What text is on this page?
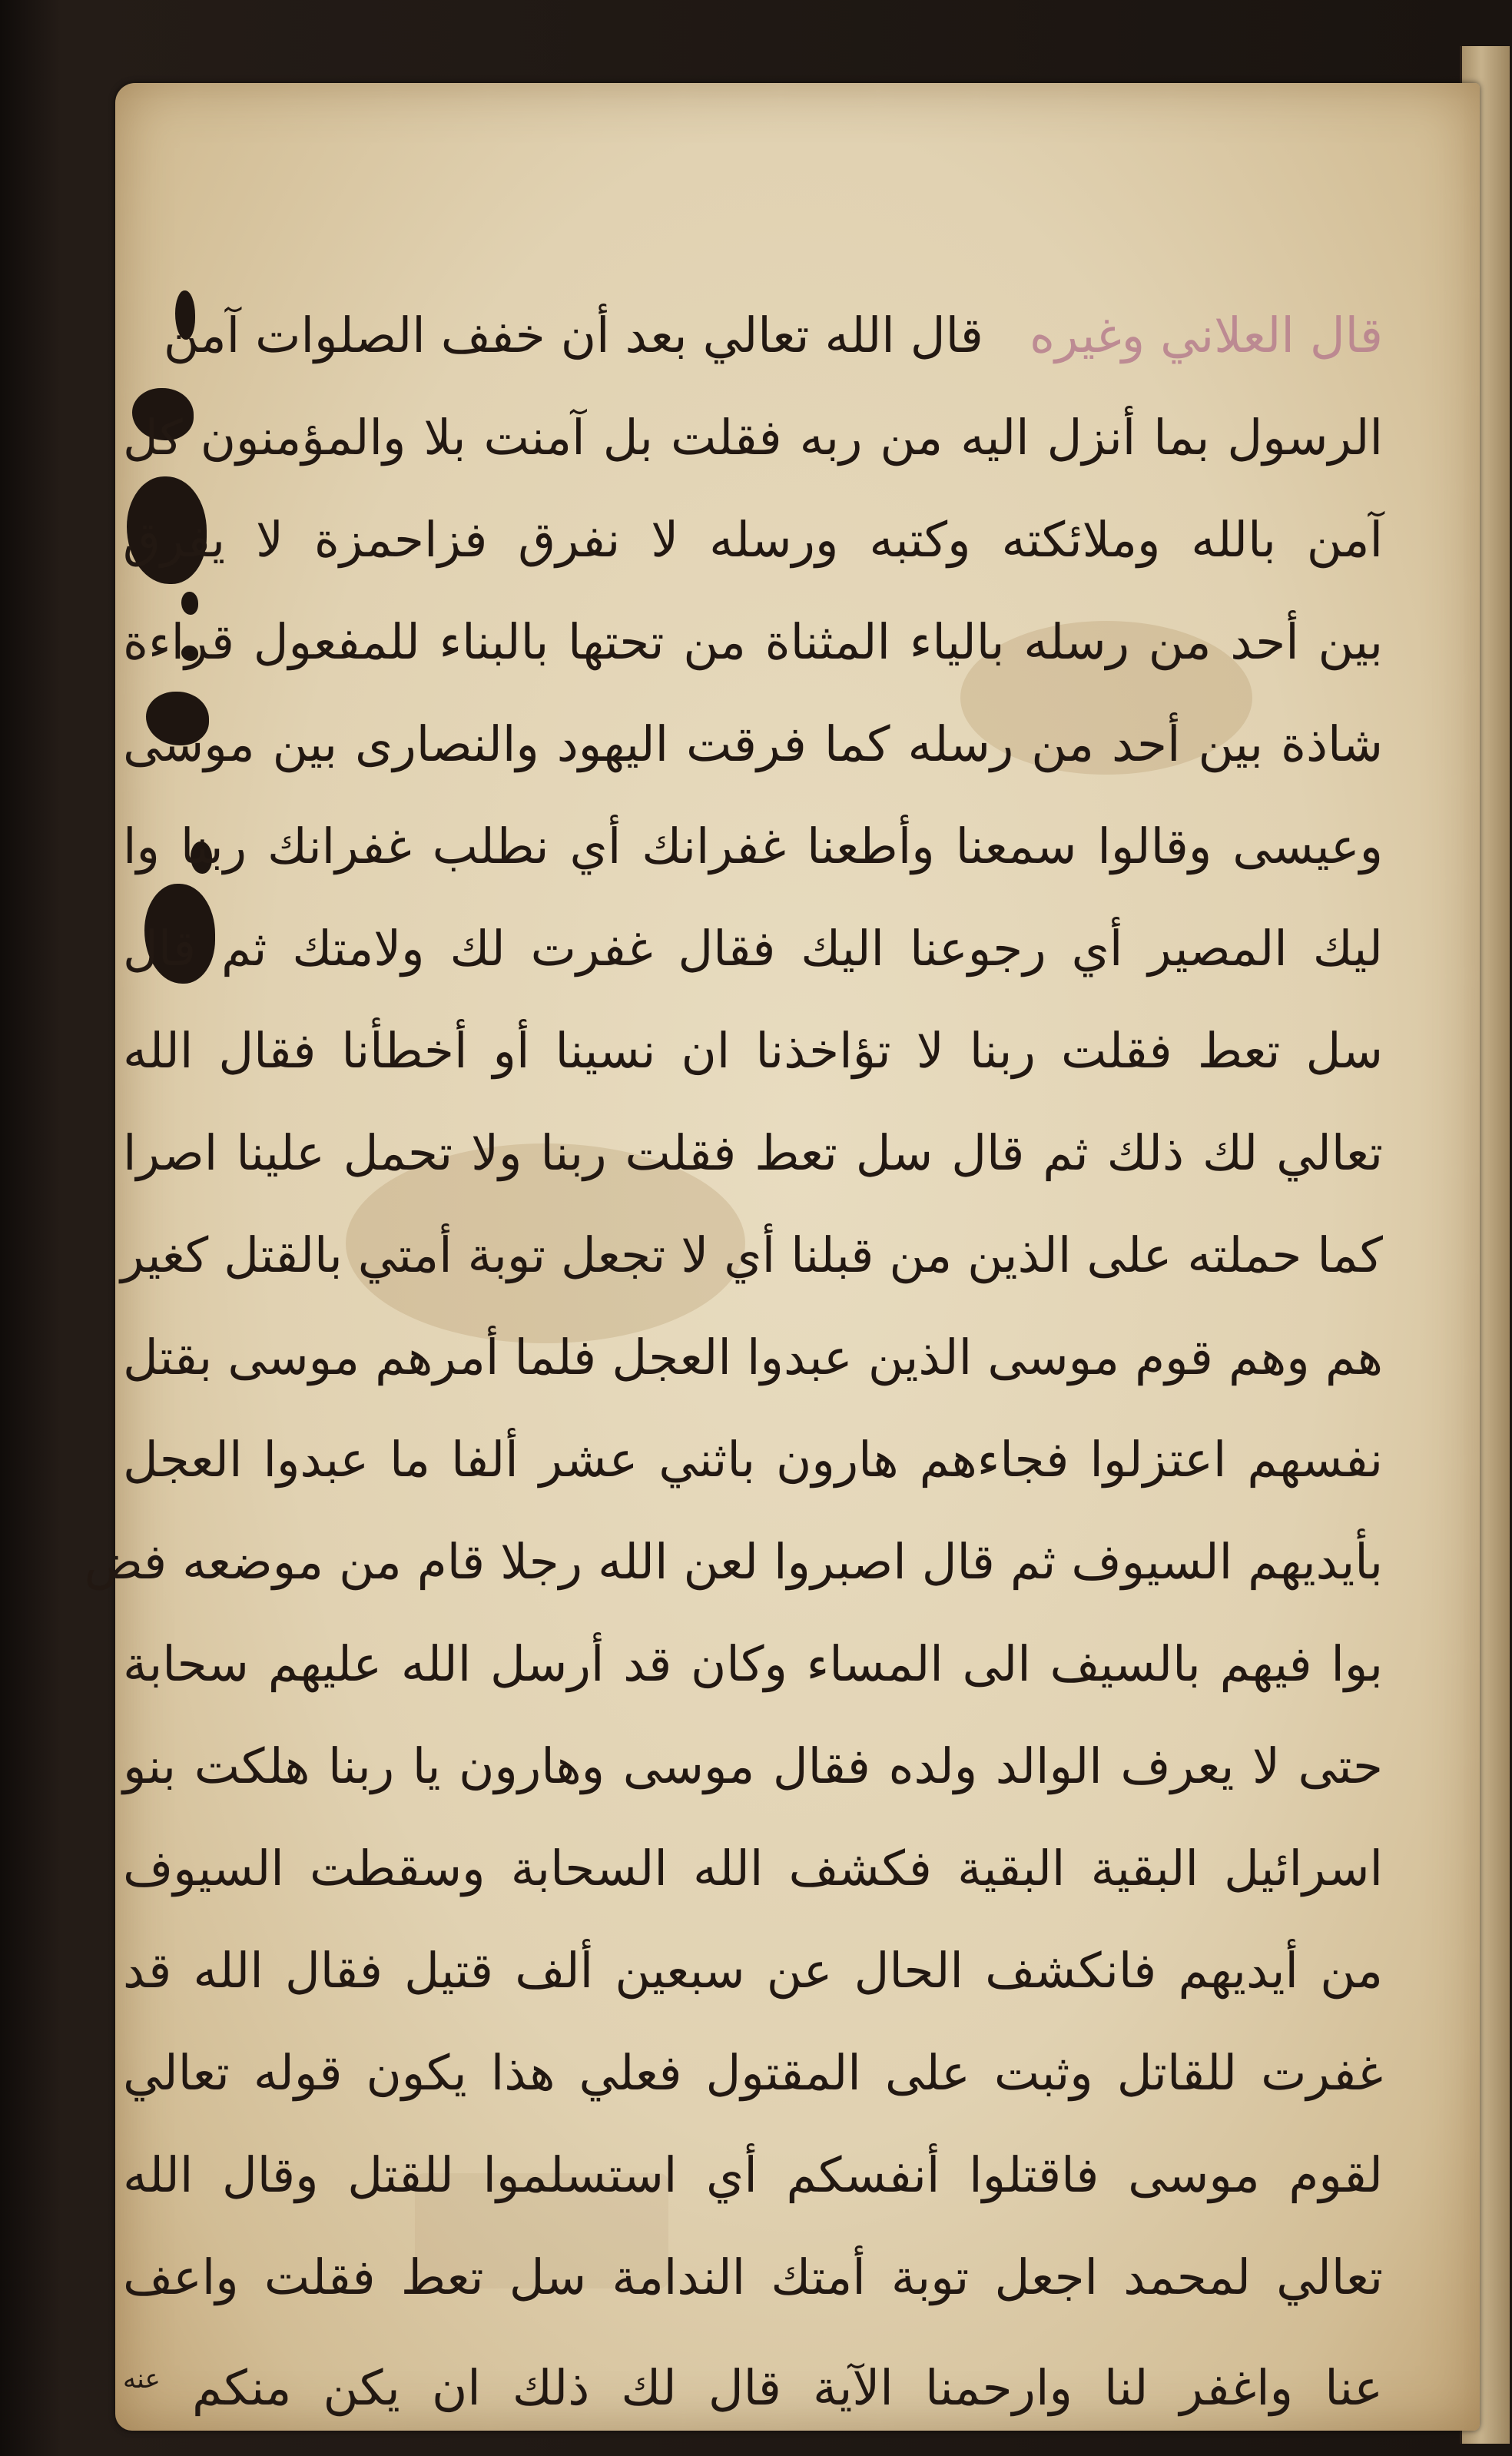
قال العلاني وغيره   قال الله تعالي بعد أن خفف الصلوات آمن
الرسول بما أنزل اليه من ربه فقلت بل آمنت بلا والمؤمنون كل
آمن بالله وملائكته وكتبه ورسله لا نفرق فزاحمزة لا يفرق
بين أحد من رسله بالياء المثناة من تحتها بالبناء للمفعول قراءة
شاذة بين أحد من رسله كما فرقت اليهود والنصارى بين موسى
وعيسى وقالوا سمعنا وأطعنا غفرانك أي نطلب غفرانك ربنا وا
ليك المصير أي رجوعنا اليك فقال غفرت لك ولامتك ثم قال
سل تعط فقلت ربنا لا تؤاخذنا ان نسينا أو أخطأنا فقال الله
تعالي لك ذلك ثم قال سل تعط فقلت ربنا ولا تحمل علينا اصرا
كما حملته على الذين من قبلنا أي لا تجعل توبة أمتي بالقتل كغير
هم وهم قوم موسى الذين عبدوا العجل فلما أمرهم موسى بقتل
نفسهم اعتزلوا فجاءهم هارون باثني عشر ألفا ما عبدوا العجل
بأيديهم السيوف ثم قال اصبروا لعن الله رجلا قام من موضعه فض
بوا فيهم بالسيف الى المساء وكان قد أرسل الله عليهم سحابة
حتى لا يعرف الوالد ولده فقال موسى وهارون يا ربنا هلكت بنو
اسرائيل البقية البقية فكشف الله السحابة وسقطت السيوف
من أيديهم فانكشف الحال عن سبعين ألف قتيل فقال الله قد
غفرت للقاتل وثبت على المقتول فعلي هذا يكون قوله تعالي
لقوم موسى فاقتلوا أنفسكم أي استسلموا للقتل وقال الله
تعالي لمحمد اجعل توبة أمتك الندامة سل تعط فقلت واعف
عنا واغفر لنا وارحمنا الآية قال لك ذلك ان يكن منكم $^{عنه}$
